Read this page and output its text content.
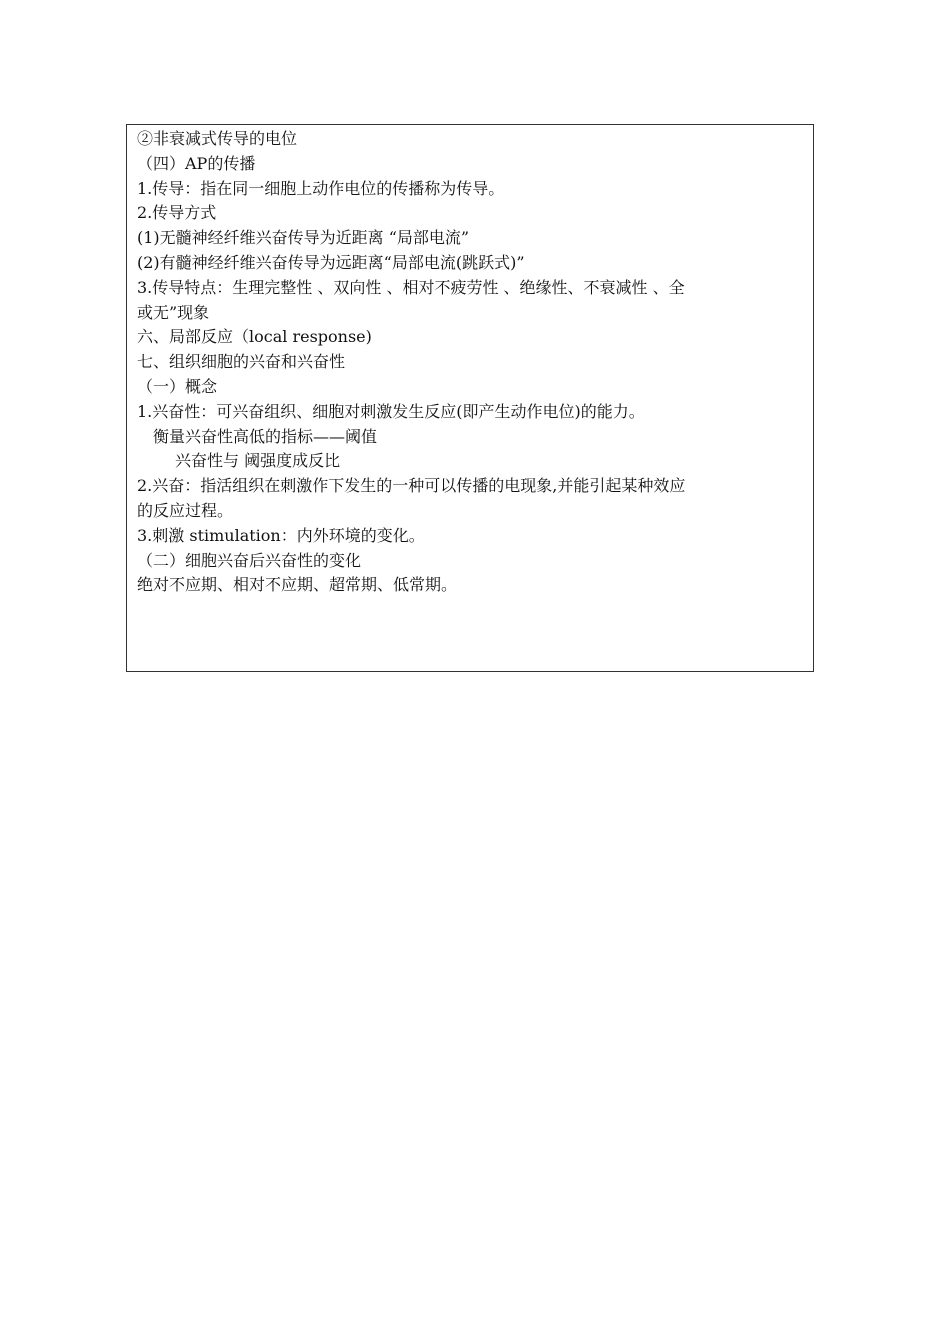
②非衰减式传导的电位
（四）AP的传播
1.传导：指在同一细胞上动作电位的传播称为传导。
2.传导方式
(1)无髓神经纤维兴奋传导为近距离 “局部电流”
(2)有髓神经纤维兴奋传导为远距离“局部电流(跳跃式)”
3.传导特点：生理完整性 、双向性 、相对不疲劳性 、绝缘性、不衰减性 、全
或无”现象
六、局部反应（local response)
七、组织细胞的兴奋和兴奋性
（一）概念
1.兴奋性：可兴奋组织、细胞对刺激发生反应(即产生动作电位)的能力。
衡量兴奋性高低的指标——阈值
兴奋性与 阈强度成反比
2.兴奋：指活组织在刺激作下发生的一种可以传播的电现象,并能引起某种效应
的反应过程。
3.刺激 stimulation：内外环境的变化。
（二）细胞兴奋后兴奋性的变化
绝对不应期、相对不应期、超常期、低常期。
